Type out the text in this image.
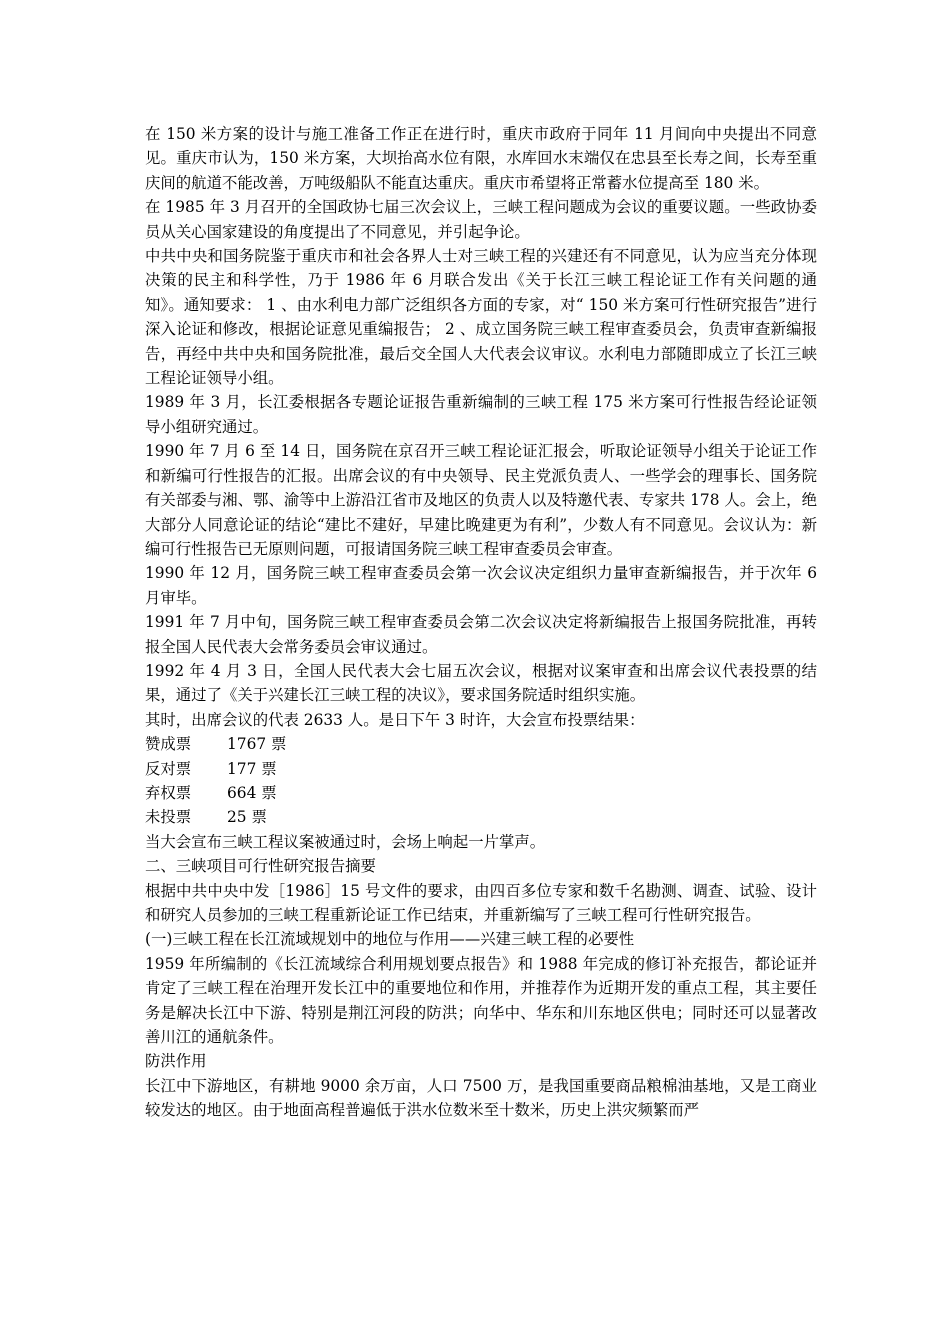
在 150 米方案的设计与施工准备工作正在进行时，重庆市政府于同年 11 月间向中央提出不同意见。重庆市认为，150 米方案，大坝抬高水位有限，水库回水末端仅在忠县至长寿之间，长寿至重庆间的航道不能改善，万吨级船队不能直达重庆。重庆市希望将正常蓄水位提高至 180 米。

在 1985 年 3 月召开的全国政协七届三次会议上，三峡工程问题成为会议的重要议题。一些政协委员从关心国家建设的角度提出了不同意见，并引起争论。

中共中央和国务院鉴于重庆市和社会各界人士对三峡工程的兴建还有不同意见，认为应当充分体现决策的民主和科学性，乃于 1986 年 6 月联合发出《关于长江三峡工程论证工作有关问题的通知》。通知要求： 1 、由水利电力部广泛组织各方面的专家，对“ 150 米方案可行性研究报告”进行深入论证和修改，根据论证意见重编报告； 2 、成立国务院三峡工程审查委员会，负责审查新编报告，再经中共中央和国务院批准，最后交全国人大代表会议审议。水利电力部随即成立了长江三峡工程论证领导小组。

1989 年 3 月，长江委根据各专题论证报告重新编制的三峡工程 175 米方案可行性报告经论证领导小组研究通过。

1990 年 7 月 6 至 14 日，国务院在京召开三峡工程论证汇报会，听取论证领导小组关于论证工作和新编可行性报告的汇报。出席会议的有中央领导、民主党派负责人、一些学会的理事长、国务院有关部委与湘、鄂、渝等中上游沿江省市及地区的负责人以及特邀代表、专家共 178 人。会上，绝大部分人同意论证的结论“建比不建好，早建比晚建更为有利”，少数人有不同意见。会议认为：新编可行性报告已无原则问题，可报请国务院三峡工程审查委员会审查。

1990 年 12 月，国务院三峡工程审查委员会第一次会议决定组织力量审查新编报告，并于次年 6 月审毕。

1991 年 7 月中旬，国务院三峡工程审查委员会第二次会议决定将新编报告上报国务院批准，再转报全国人民代表大会常务委员会审议通过。

1992 年 4 月 3 日，全国人民代表大会七届五次会议，根据对议案审查和出席会议代表投票的结果，通过了《关于兴建长江三峡工程的决议》，要求国务院适时组织实施。

其时，出席会议的代表 2633 人。是日下午 3 时许，大会宣布投票结果：

赞成票	1767 票
反对票	177 票
弃权票	664 票
未投票	25 票

当大会宣布三峡工程议案被通过时，会场上响起一片掌声。

二、三峡项目可行性研究报告摘要

根据中共中央中发［1986］15 号文件的要求，由四百多位专家和数千名勘测、调查、试验、设计和研究人员参加的三峡工程重新论证工作已结束，并重新编写了三峡工程可行性研究报告。

(一)三峡工程在长江流域规划中的地位与作用——兴建三峡工程的必要性

1959 年所编制的《长江流域综合利用规划要点报告》和 1988 年完成的修订补充报告，都论证并肯定了三峡工程在治理开发长江中的重要地位和作用，并推荐作为近期开发的重点工程，其主要任务是解决长江中下游、特别是荆江河段的防洪；向华中、华东和川东地区供电；同时还可以显著改善川江的通航条件。

防洪作用

长江中下游地区，有耕地 9000 余万亩，人口 7500 万，是我国重要商品粮棉油基地，又是工商业较发达的地区。由于地面高程普遍低于洪水位数米至十数米，历史上洪灾频繁而严
